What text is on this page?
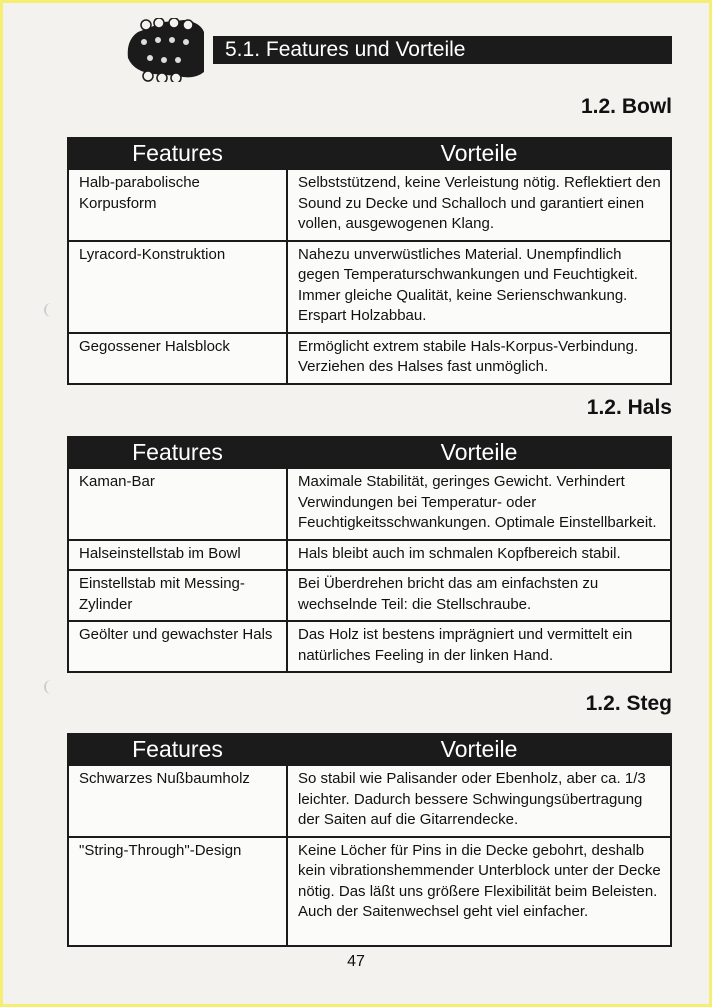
5.1. Features und Vorteile
1.2. Bowl
Features	Vorteile
Halb-parabolische Korpusform	Selbststützend, keine Verleistung nötig. Reflektiert den Sound zu Decke und Schalloch und garantiert einen vollen, ausgewogenen Klang.
Lyracord-Konstruktion	Nahezu unverwüstliches Material. Unempfindlich gegen Temperaturschwankungen und Feuchtigkeit. Immer gleiche Qualität, keine Serienschwankung. Erspart Holzabbau.
Gegossener Halsblock	Ermöglicht extrem stabile Hals-Korpus-Verbindung. Verziehen des Halses fast unmöglich.
1.2. Hals
Features	Vorteile
Kaman-Bar	Maximale Stabilität, geringes Gewicht. Verhindert Verwindungen bei Temperatur- oder Feuchtigkeitsschwankungen. Optimale Einstellbarkeit.
Halseinstellstab im Bowl	Hals bleibt auch im schmalen Kopfbereich stabil.
Einstellstab mit Messing-Zylinder	Bei Überdrehen bricht das am einfachsten zu wechselnde Teil: die Stellschraube.
Geölter und gewachster Hals	Das Holz ist bestens imprägniert und vermittelt ein natürliches Feeling in der linken Hand.
1.2. Steg
Features	Vorteile
Schwarzes Nußbaumholz	So stabil wie Palisander oder Ebenholz, aber ca. 1/3 leichter. Dadurch bessere Schwingungsübertragung der Saiten auf die Gitarrendecke.
"String-Through"-Design	Keine Löcher für Pins in die Decke gebohrt, deshalb kein vibrationshemmender Unterblock unter der Decke nötig. Das läßt uns größere Flexibilität beim Beleisten.
Auch der Saitenwechsel geht viel einfacher.
47
